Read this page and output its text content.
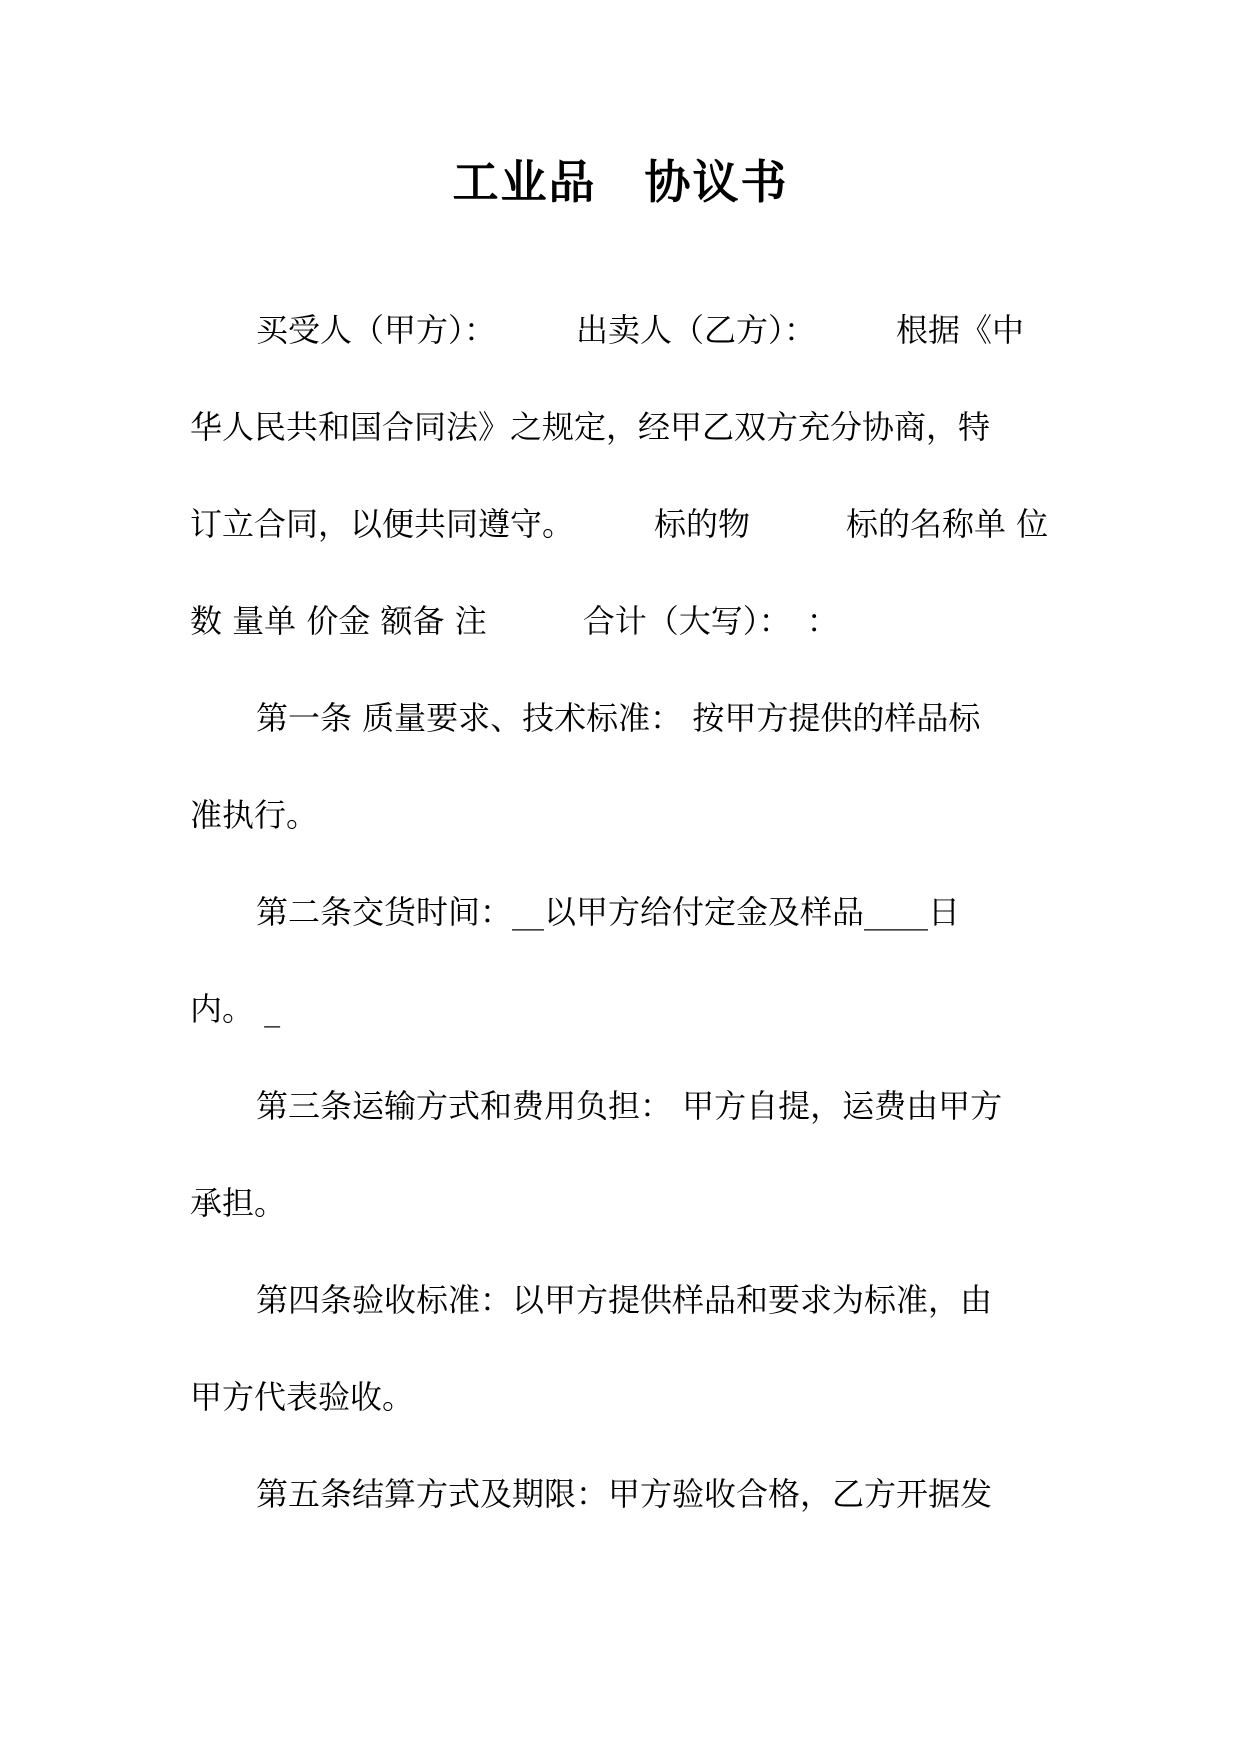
工业品　协议书
买受人（甲方）：　　　出卖人（乙方）：　　　根据《中
华人民共和国合同法》之规定，经甲乙双方充分协商，特
订立合同，以便共同遵守。　　　标的物　　　标的名称单 位
数 量单 价金 额备 注　　　合计（大写）：　：
第一条 质量要求、技术标准： 按甲方提供的样品标
准执行。
第二条交货时间：__以甲方给付定金及样品____日
内。 _
第三条运输方式和费用负担： 甲方自提，运费由甲方
承担。
第四条验收标准：以甲方提供样品和要求为标准，由
甲方代表验收。
第五条结算方式及期限：甲方验收合格，乙方开据发
